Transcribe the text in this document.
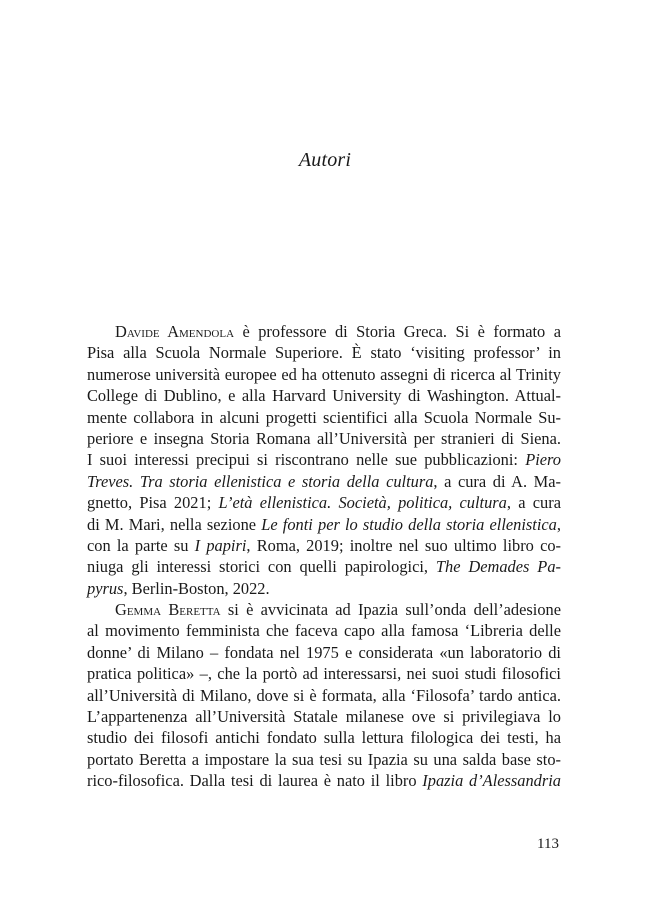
Autori
Davide Amendola è professore di Storia Greca. Si è formato a
Pisa alla Scuola Normale Superiore. È stato ‘visiting professor’ in
numerose università europee ed ha ottenuto assegni di ricerca al Trinity
College di Dublino, e alla Harvard University di Washington. Attual-
mente collabora in alcuni progetti scientifici alla Scuola Normale Su-
periore e insegna Storia Romana all’Università per stranieri di Siena.
I suoi interessi precipui si riscontrano nelle sue pubblicazioni: Piero
Treves. Tra storia ellenistica e storia della cultura, a cura di A. Ma-
gnetto, Pisa 2021; L’età ellenistica. Società, politica, cultura, a cura
di M. Mari, nella sezione Le fonti per lo studio della storia ellenistica,
con la parte su I papiri, Roma, 2019; inoltre nel suo ultimo libro co-
niuga gli interessi storici con quelli papirologici, The Demades Pa-
pyrus, Berlin-Boston, 2022.
Gemma Beretta si è avvicinata ad Ipazia sull’onda dell’adesione
al movimento femminista che faceva capo alla famosa ‘Libreria delle
donne’ di Milano – fondata nel 1975 e considerata «un laboratorio di
pratica politica» –, che la portò ad interessarsi, nei suoi studi filosofici
all’Università di Milano, dove si è formata, alla ‘Filosofa’ tardo antica.
L’appartenenza all’Università Statale milanese ove si privilegiava lo
studio dei filosofi antichi fondato sulla lettura filologica dei testi, ha
portato Beretta a impostare la sua tesi su Ipazia su una salda base sto-
rico-filosofica. Dalla tesi di laurea è nato il libro Ipazia d’Alessandria
113
